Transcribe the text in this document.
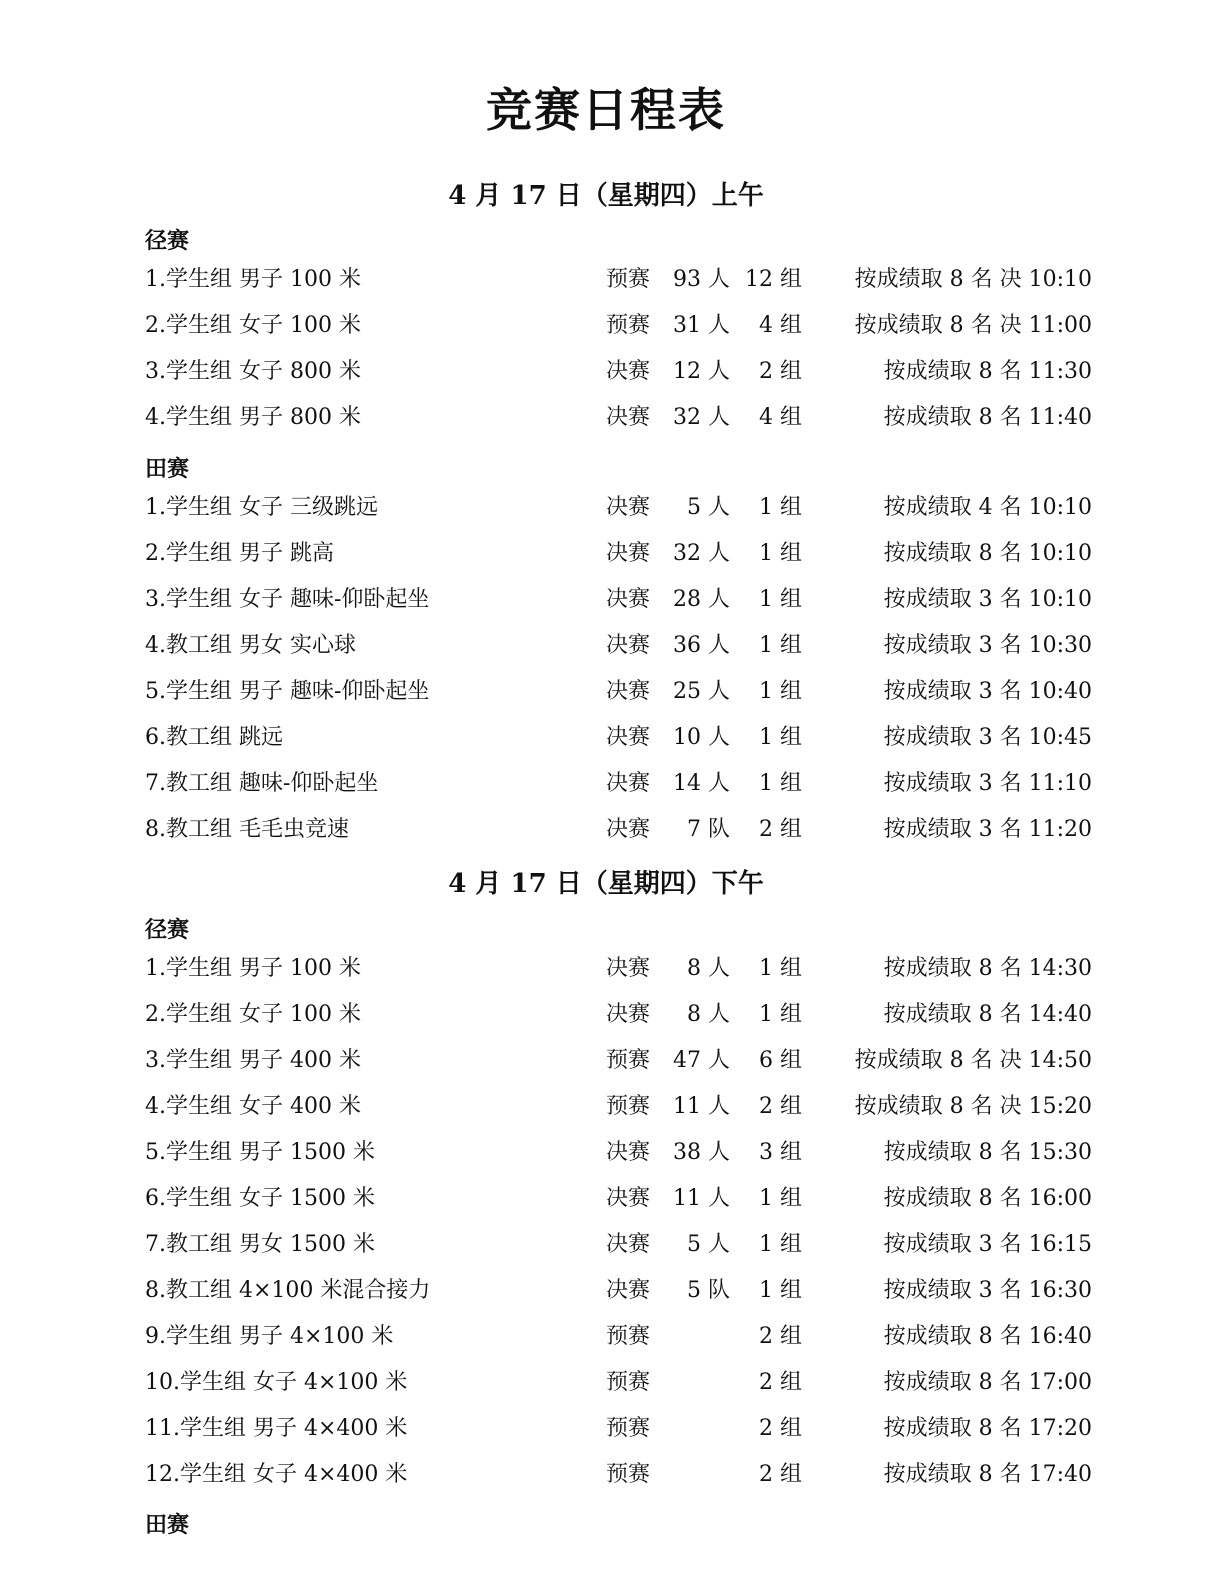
竞赛日程表
4 月 17 日（星期四）上午
径赛
1.学生组 男子 100 米	预赛 93 人 12 组 按成绩取 8 名 决 10:10
2.学生组 女子 100 米	预赛 31 人 4 组 按成绩取 8 名 决 11:00
3.学生组 女子 800 米	决赛 12 人 2 组	按成绩取 8 名 11:30
4.学生组 男子 800 米	决赛 32 人 4 组	按成绩取 8 名 11:40
田赛
1.学生组 女子 三级跳远	决赛 5 人 1 组	按成绩取 4 名 10:10
2.学生组 男子 跳高	决赛 32 人 1 组	按成绩取 8 名 10:10
3.学生组 女子 趣味-仰卧起坐	决赛 28 人 1 组	按成绩取 3 名 10:10
4.教工组 男女 实心球	决赛 36 人 1 组	按成绩取 3 名 10:30
5.学生组 男子 趣味-仰卧起坐	决赛 25 人 1 组	按成绩取 3 名 10:40
6.教工组 跳远	决赛 10 人 1 组	按成绩取 3 名 10:45
7.教工组 趣味-仰卧起坐	决赛 14 人 1 组	按成绩取 3 名 11:10
8.教工组 毛毛虫竞速	决赛 7 队 2 组	按成绩取 3 名 11:20
4 月 17 日（星期四）下午
径赛
1.学生组 男子 100 米	决赛 8 人 1 组	按成绩取 8 名 14:30
2.学生组 女子 100 米	决赛 8 人 1 组	按成绩取 8 名 14:40
3.学生组 男子 400 米	预赛 47 人 6 组 按成绩取 8 名 决 14:50
4.学生组 女子 400 米	预赛 11 人 2 组 按成绩取 8 名 决 15:20
5.学生组 男子 1500 米	决赛 38 人 3 组	按成绩取 8 名 15:30
6.学生组 女子 1500 米	决赛 11 人 1 组	按成绩取 8 名 16:00
7.教工组 男女 1500 米	决赛 5 人 1 组	按成绩取 3 名 16:15
8.教工组 4×100 米混合接力	决赛 5 队 1 组	按成绩取 3 名 16:30
9.学生组 男子 4×100 米	预赛	2 组	按成绩取 8 名 16:40
10.学生组 女子 4×100 米	预赛	2 组	按成绩取 8 名 17:00
11.学生组 男子 4×400 米	预赛	2 组	按成绩取 8 名 17:20
12.学生组 女子 4×400 米	预赛	2 组	按成绩取 8 名 17:40
田赛
